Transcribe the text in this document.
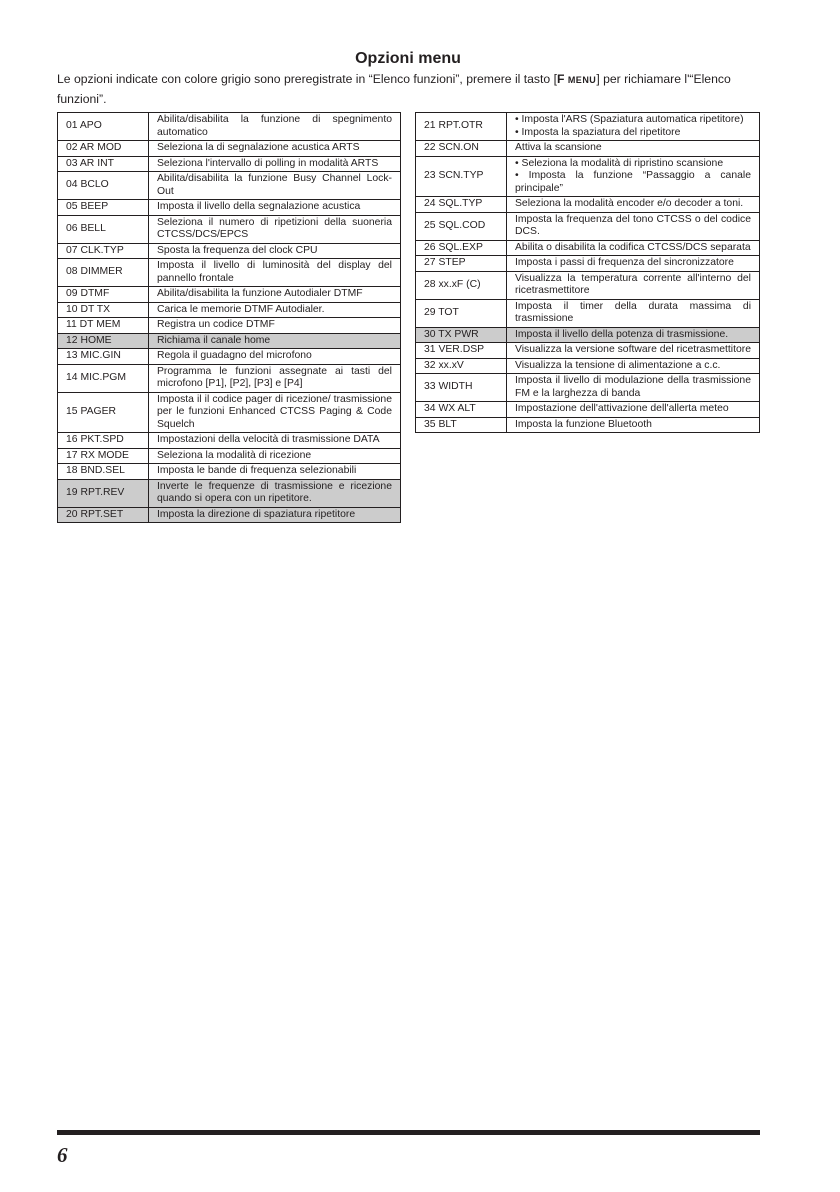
Opzioni menu
Le opzioni indicate con colore grigio sono preregistrate in “Elenco funzioni”, premere il tasto [F MENU] per richiamare l'“Elenco funzioni”.
01 APO	Abilita/disabilita la funzione di spegnimento automatico
02 AR MOD	Seleziona la di segnalazione acustica ARTS
03 AR INT	Seleziona l'intervallo di polling in modalità ARTS
04 BCLO	Abilita/disabilita la funzione Busy Channel Lock-Out
05 BEEP	Imposta il livello della segnalazione acustica
06 BELL	Seleziona il numero di ripetizioni della suoneria CTCSS/DCS/EPCS
07 CLK.TYP	Sposta la frequenza del clock CPU
08 DIMMER	Imposta il livello di luminosità del display del pannello frontale
09 DTMF	Abilita/disabilita la funzione Autodialer DTMF
10 DT TX	Carica le memorie DTMF Autodialer.
11 DT MEM	Registra un codice DTMF
12 HOME	Richiama il canale home
13 MIC.GIN	Regola il guadagno del microfono
14 MIC.PGM	Programma le funzioni assegnate ai tasti del microfono [P1], [P2], [P3] e [P4]
15 PAGER	Imposta il il codice pager di ricezione/ trasmissione per le funzioni Enhanced CTCSS Paging & Code Squelch
16 PKT.SPD	Impostazioni della velocità di trasmissione DATA
17 RX MODE	Seleziona la modalità di ricezione
18 BND.SEL	Imposta le bande di frequenza selezionabili
19 RPT.REV	Inverte le frequenze di trasmissione e ricezione quando si opera con un ripetitore.
20 RPT.SET	Imposta la direzione di spaziatura ripetitore
21 RPT.OTR	• Imposta l'ARS (Spaziatura automatica ripetitore)
• Imposta la spaziatura del ripetitore
22 SCN.ON	Attiva la scansione
23 SCN.TYP	• Seleziona la modalità di ripristino scansione
• Imposta la funzione “Passaggio a canale principale”
24 SQL.TYP	Seleziona la modalità encoder e/o decoder a toni.
25 SQL.COD	Imposta la frequenza del tono CTCSS o del codice DCS.
26 SQL.EXP	Abilita o disabilita la codifica CTCSS/DCS separata
27 STEP	Imposta i passi di frequenza del sincronizzatore
28 xx.xF (C)	Visualizza la temperatura corrente all'interno del ricetrasmettitore
29 TOT	Imposta il timer della durata massima di trasmissione
30 TX PWR	Imposta il livello della potenza di trasmissione.
31 VER.DSP	Visualizza la versione software del ricetrasmettitore
32 xx.xV	Visualizza la tensione di alimentazione a c.c.
33 WIDTH	Imposta il livello di modulazione della trasmissione FM e la larghezza di banda
34 WX ALT	Impostazione dell'attivazione dell'allerta meteo
35 BLT	Imposta la funzione Bluetooth
6
